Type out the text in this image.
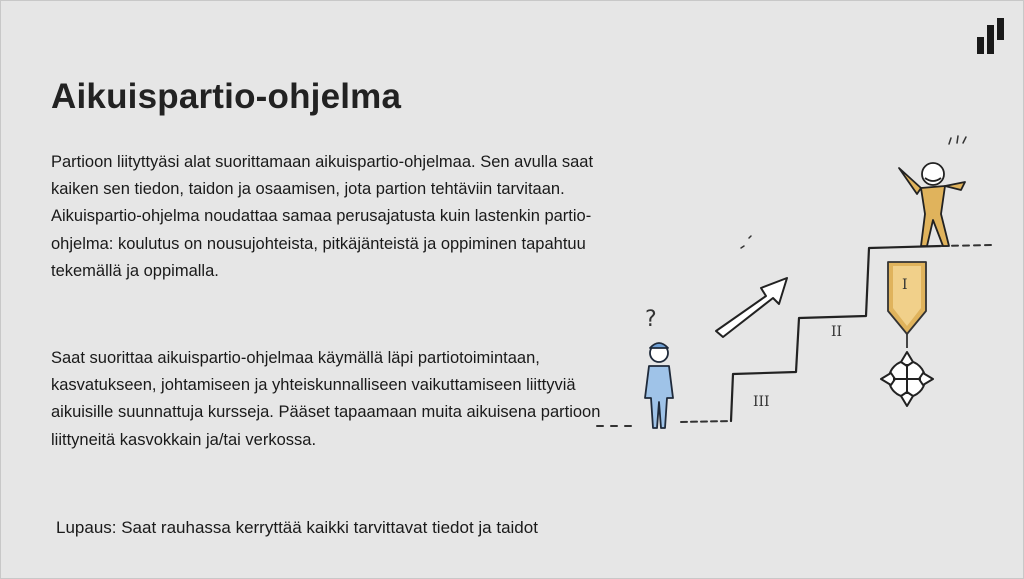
Aikuispartio-ohjelma

Partioon liityttyäsi alat suorittamaan aikuispartio-ohjelmaa. Sen avulla saat kaiken sen tiedon, taidon ja osaamisen, jota partion tehtäviin tarvitaan. Aikuispartio-ohjelma noudattaa samaa perusajatusta kuin lastenkin partio-ohjelma: koulutus on nousujohteista, pitkäjänteistä ja oppiminen tapahtuu tekemällä ja oppimalla.

Saat suorittaa aikuispartio-ohjelmaa käymällä läpi partiotoimintaan, kasvatukseen, johtamiseen ja yhteiskunnalliseen vaikuttamiseen liittyviä aikuisille suunnattuja kursseja. Pääset tapaamaan muita aikuisena partioon liittyneitä kasvokkain ja/tai verkossa.

Lupaus: Saat rauhassa kerryttää kaikki tarvittavat tiedot ja taidot

III
II
?
I
